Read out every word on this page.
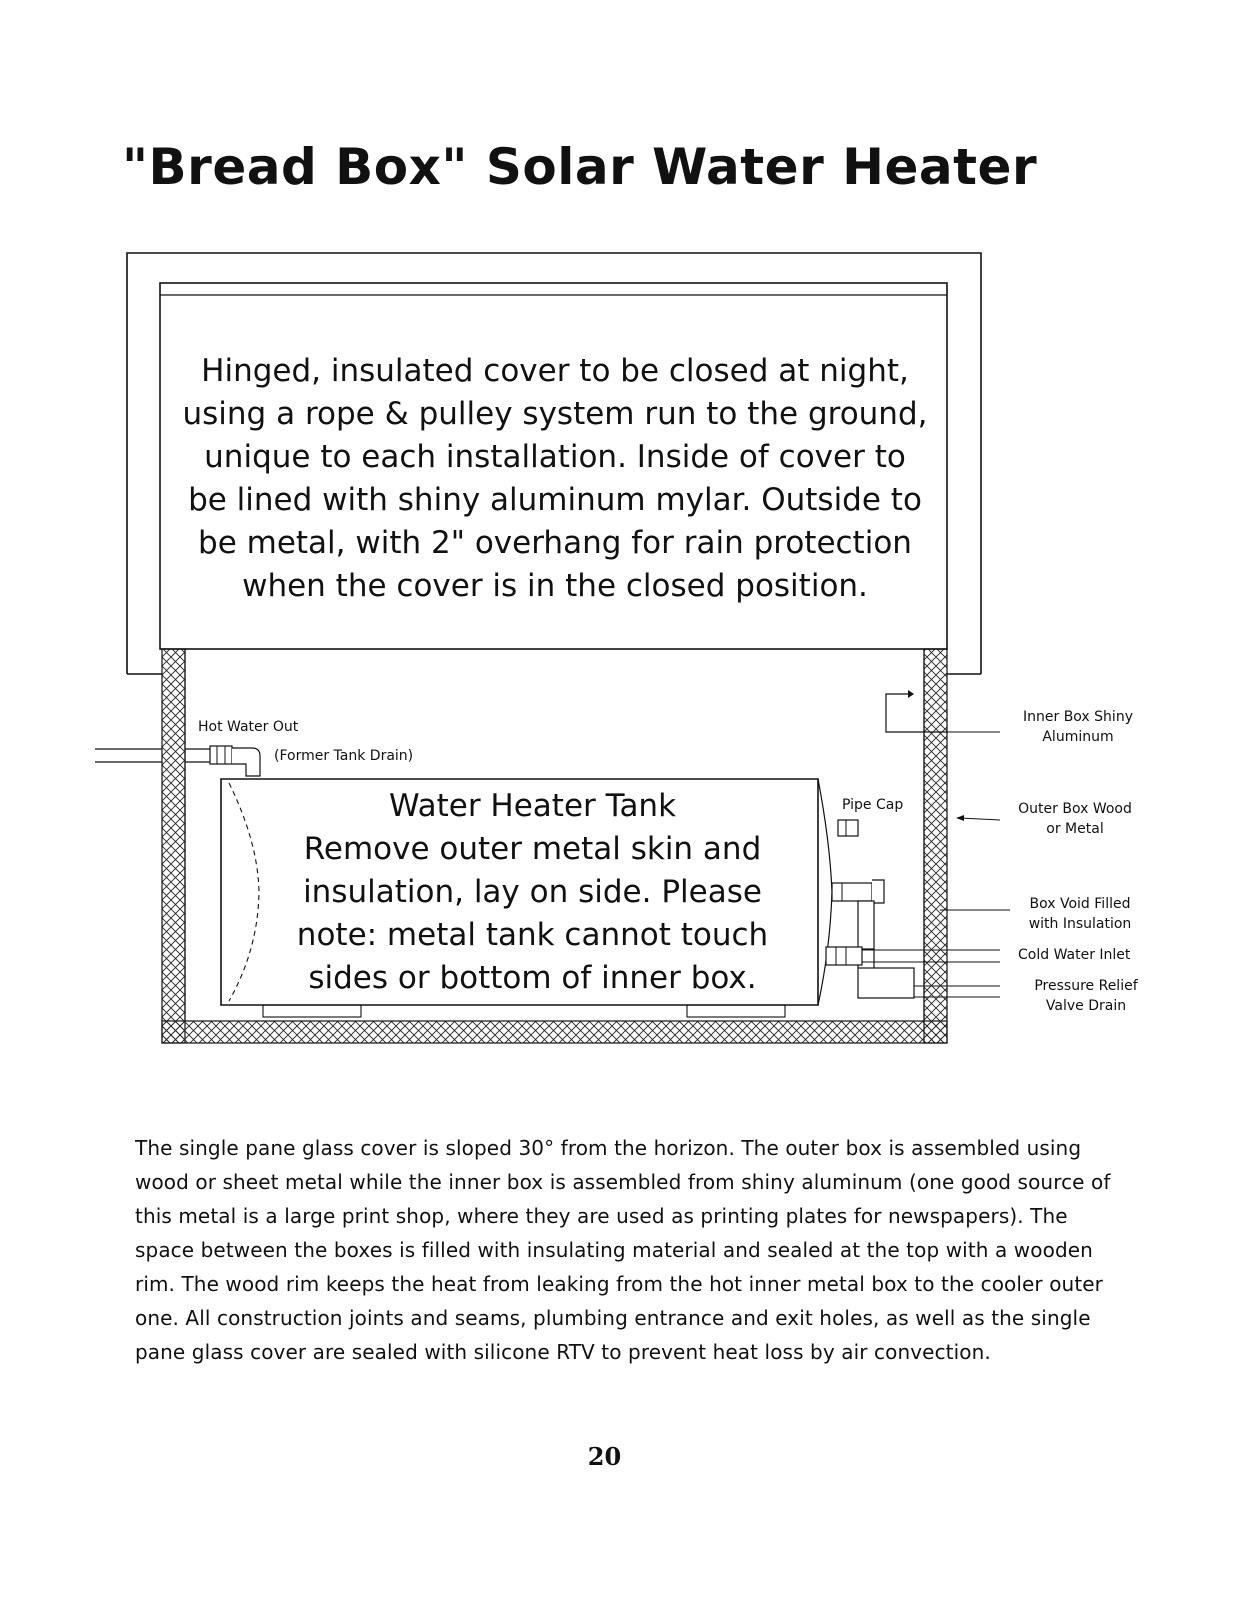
"Bread Box" Solar Water Heater
Hinged, insulated cover to be closed at night,
using a rope & pulley system run to the ground,
unique to each installation. Inside of cover to
be lined with shiny aluminum mylar. Outside to
be metal, with 2" overhang for rain protection
when the cover is in the closed position.
Water Heater Tank
Remove outer metal skin and
insulation, lay on side. Please
note: metal tank cannot touch
sides or bottom of inner box.
Hot Water Out
(Former Tank Drain)
Pipe Cap
Inner Box Shiny
Aluminum
Outer Box Wood
or Metal
Box Void Filled
with Insulation
Cold Water Inlet
Pressure Relief
Valve Drain
The single pane glass cover is sloped 30° from the horizon. The outer box is assembled using wood or sheet metal while the inner box is assembled from shiny aluminum (one good source of this metal is a large print shop, where they are used as printing plates for newspapers). The space between the boxes is filled with insulating material and sealed at the top with a wooden rim. The wood rim keeps the heat from leaking from the hot inner metal box to the cooler outer one. All construction joints and seams, plumbing entrance and exit holes, as well as the single pane glass cover are sealed with silicone RTV to prevent heat loss by air convection.
20
